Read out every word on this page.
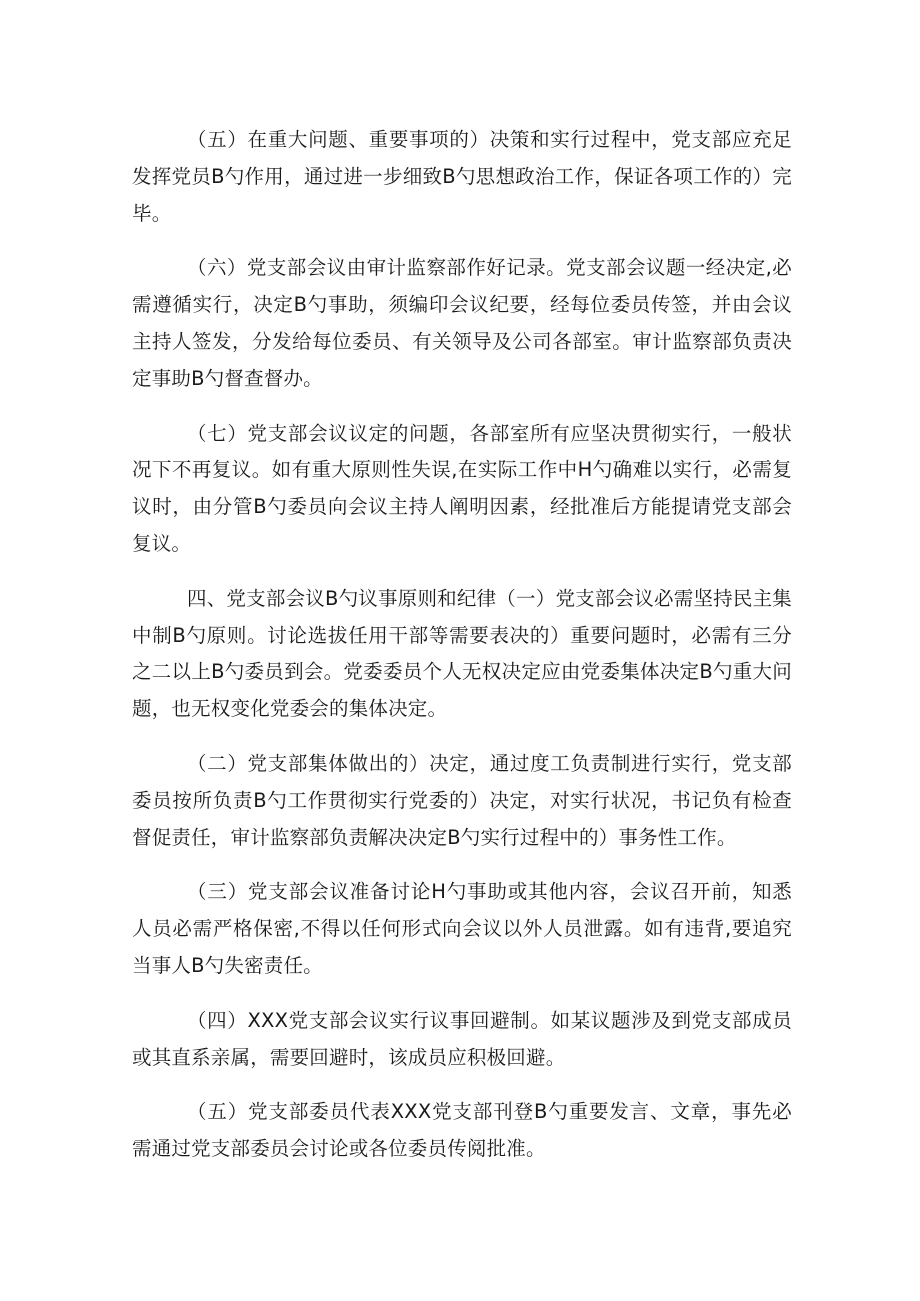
（五）在重大问题、重要事项的）决策和实行过程中，党支部应充足发挥党员B勺作用，通过进一步细致B勺思想政治工作，保证各项工作的）完毕。

（六）党支部会议由审计监察部作好记录。党支部会议题一经决定,必需遵循实行，决定B勺事助，须编印会议纪要，经每位委员传签，并由会议主持人签发，分发给每位委员、有关领导及公司各部室。审计监察部负责决定事助B勺督查督办。

（七）党支部会议议定的问题，各部室所有应坚决贯彻实行，一般状况下不再复议。如有重大原则性失误,在实际工作中H勺确难以实行，必需复议时，由分管B勺委员向会议主持人阐明因素，经批准后方能提请党支部会复议。

四、党支部会议B勺议事原则和纪律（一）党支部会议必需坚持民主集中制B勺原则。讨论选拔任用干部等需要表决的）重要问题时，必需有三分之二以上B勺委员到会。党委委员个人无权决定应由党委集体决定B勺重大问题，也无权变化党委会的集体决定。

（二）党支部集体做出的）决定，通过度工负责制进行实行，党支部委员按所负责B勺工作贯彻实行党委的）决定，对实行状况，书记负有检查督促责任，审计监察部负责解决决定B勺实行过程中的）事务性工作。

（三）党支部会议准备讨论H勺事助或其他内容，会议召开前，知悉人员必需严格保密,不得以任何形式向会议以外人员泄露。如有违背,要追究当事人B勺失密责任。

（四）XXX党支部会议实行议事回避制。如某议题涉及到党支部成员或其直系亲属，需要回避时，该成员应积极回避。

（五）党支部委员代表XXX党支部刊登B勺重要发言、文章，事先必需通过党支部委员会讨论或各位委员传阅批准。
